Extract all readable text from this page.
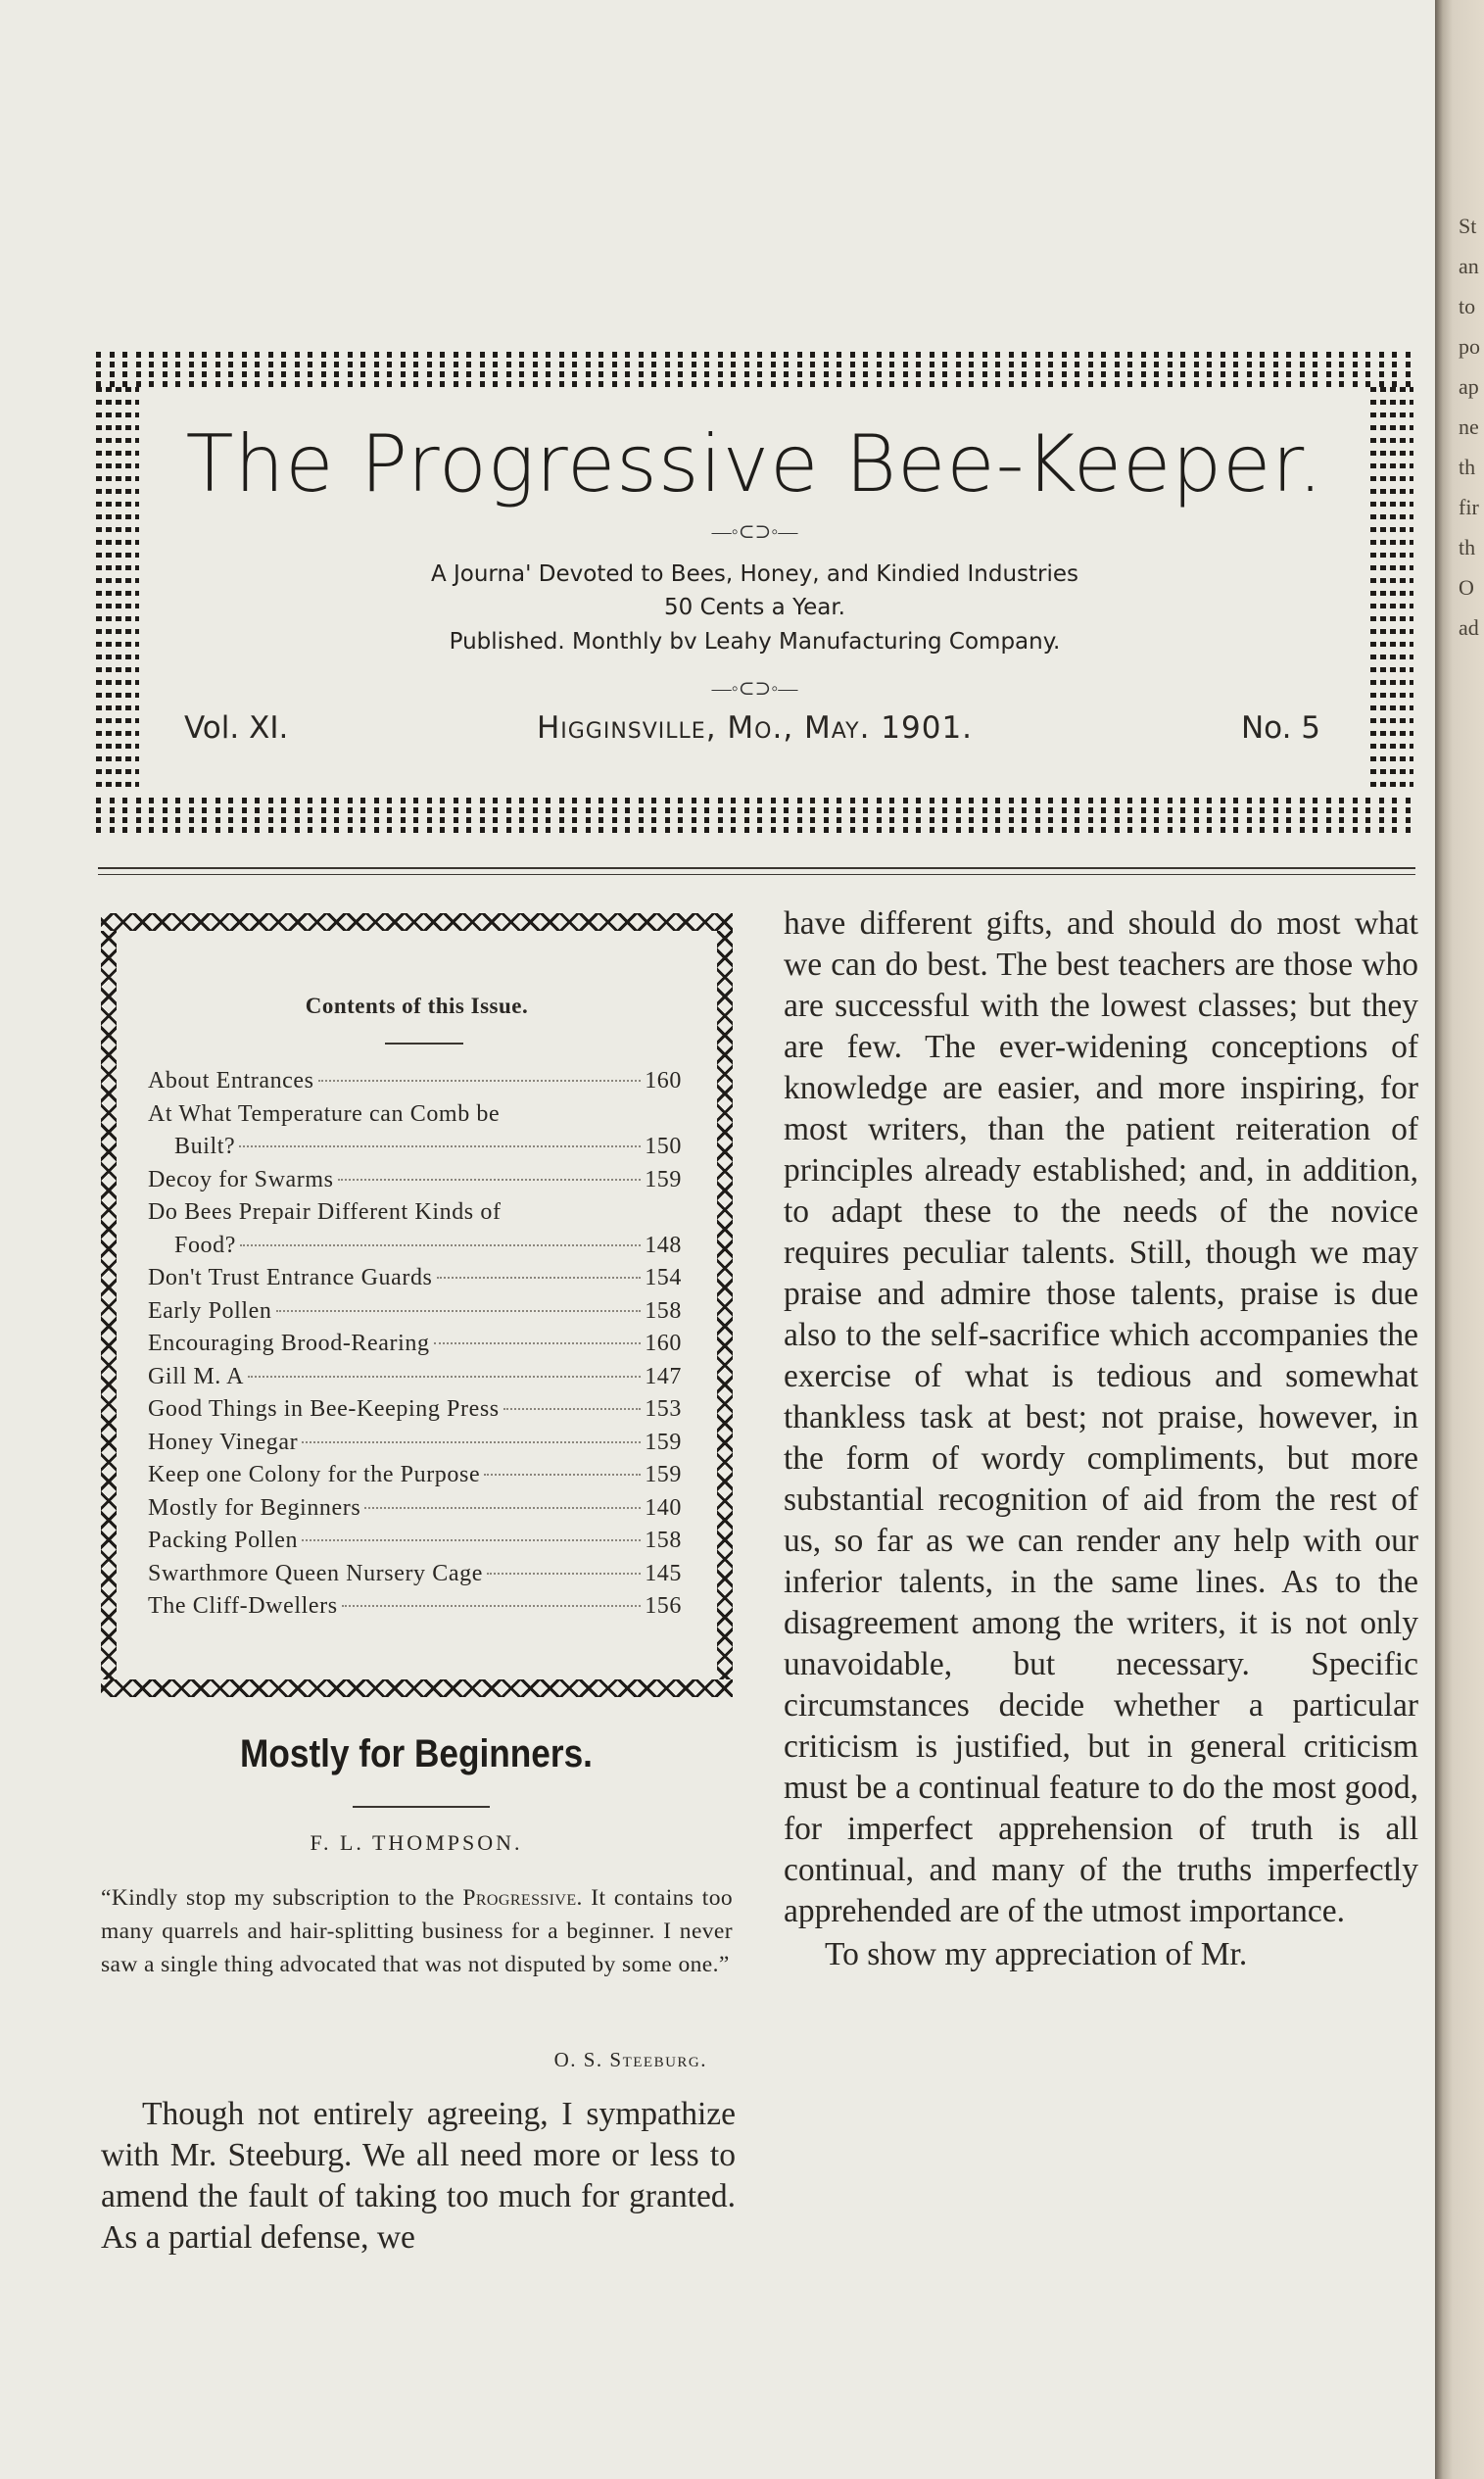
The Progressive Bee-Keeper.
—◦⊂⊃◦—
A Journa' Devoted to Bees, Honey, and Kindied Industries
50 Cents a Year.
Published. Monthly bv Leahy Manufacturing Company.
—◦⊂⊃◦—
Vol. XI.	Higginsville, Mo., May. 1901.	No. 5
Contents of this Issue.
About Entrances	160
At What Temperature can Comb be
Built?	150
Decoy for Swarms	159
Do Bees Prepair Different Kinds of
Food?	148
Don't Trust Entrance Guards	154
Early Pollen	158
Encouraging Brood-Rearing	160
Gill M. A	147
Good Things in Bee-Keeping Press	153
Honey Vinegar	159
Keep one Colony for the Purpose	159
Mostly for Beginners	140
Packing Pollen	158
Swarthmore Queen Nursery Cage	145
The Cliff-Dwellers	156
Mostly for Beginners.
F. L. THOMPSON.
“Kindly stop my subscription to the Progressive. It contains too many quarrels and hair-splitting business for a beginner. I never saw a single thing advocated that was not disputed by some one.”
O. S. Steeburg.

Though not entirely agreeing, I sympathize with Mr. Steeburg. We all need more or less to amend the fault of taking too much for granted. As a partial defense, we

have different gifts, and should do most what we can do best. The best teachers are those who are successful with the lowest classes; but they are few. The ever-widening conceptions of knowledge are easier, and more inspiring, for most writers, than the patient reiteration of principles already established; and, in addition, to adapt these to the needs of the novice requires peculiar talents. Still, though we may praise and admire those talents, praise is due also to the self-sacrifice which accompanies the exercise of what is tedious and somewhat thankless task at best; not praise, however, in the form of wordy compliments, but more substantial recognition of aid from the rest of us, so far as we can render any help with our inferior talents, in the same lines. As to the disagreement among the writers, it is not only unavoidable, but necessary. Specific circumstances decide whether a particular criticism is justified, but in general criticism must be a continual feature to do the most good, for imperfect apprehension of truth is all continual, and many of the truths imperfectly apprehended are of the utmost importance.

To show my appreciation of Mr.

St
an
to
po
ap
ne
th
fir
th
O
ad
